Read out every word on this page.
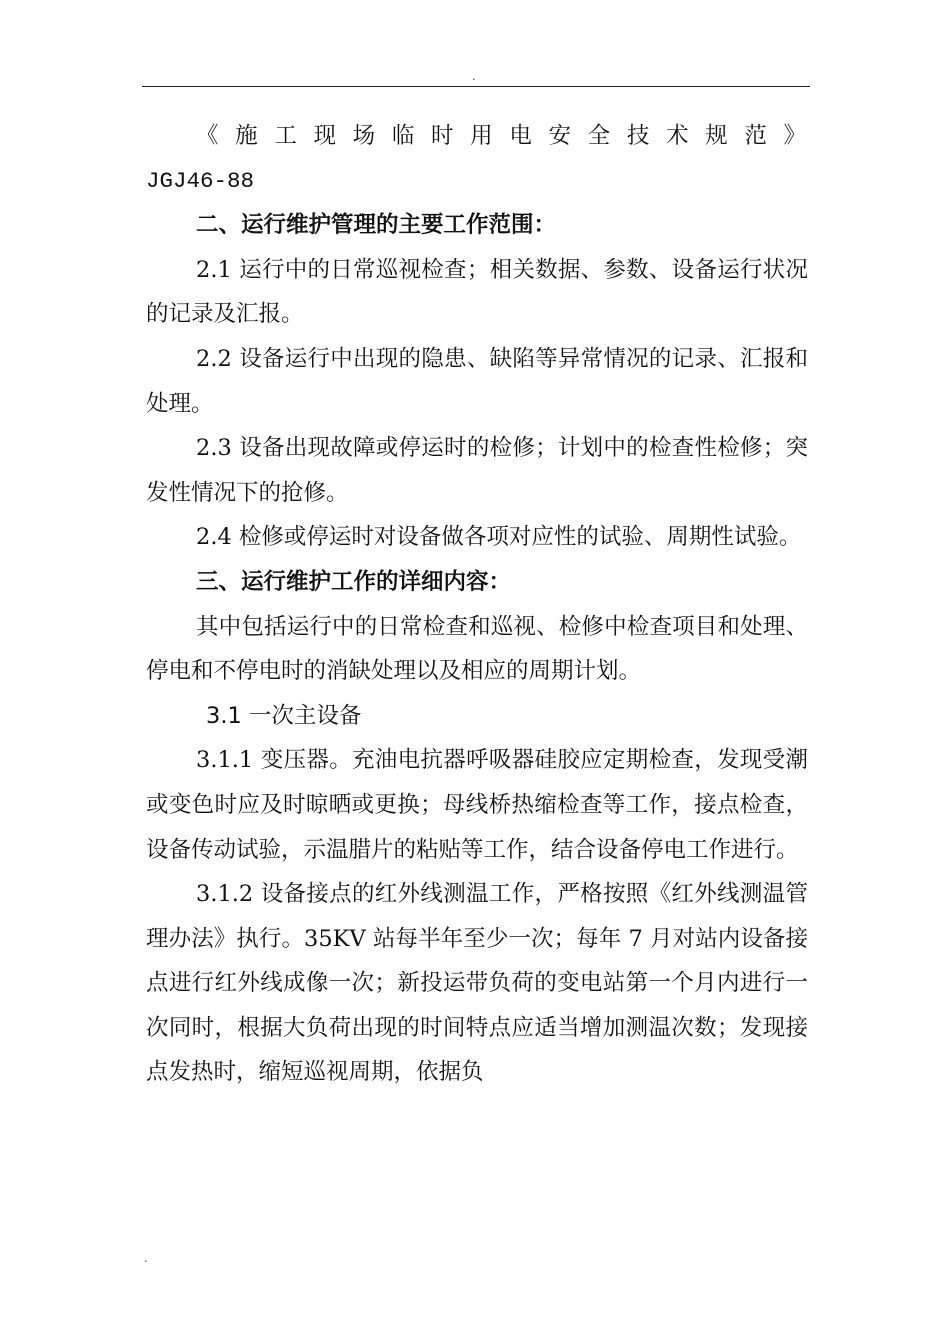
.

《施工现场临时用电安全技术规范》

JGJ46-88

二、运行维护管理的主要工作范围：

2.1 运行中的日常巡视检查；相关数据、参数、设备运行状况的记录及汇报。

2.2 设备运行中出现的隐患、缺陷等异常情况的记录、汇报和处理。

2.3 设备出现故障或停运时的检修；计划中的检查性检修；突发性情况下的抢修。

2.4 检修或停运时对设备做各项对应性的试验、周期性试验。

三、运行维护工作的详细内容：

其中包括运行中的日常检查和巡视、检修中检查项目和处理、停电和不停电时的消缺处理以及相应的周期计划。

3.1 一次主设备

3.1.1 变压器。充油电抗器呼吸器硅胶应定期检查，发现受潮或变色时应及时晾晒或更换；母线桥热缩检查等工作，接点检查，设备传动试验，示温腊片的粘贴等工作，结合设备停电工作进行。

3.1.2 设备接点的红外线测温工作，严格按照《红外线测温管理办法》执行。35KV 站每半年至少一次；每年 7 月对站内设备接点进行红外线成像一次；新投运带负荷的变电站第一个月内进行一次同时，根据大负荷出现的时间特点应适当增加测温次数；发现接点发热时，缩短巡视周期，依据负

.
